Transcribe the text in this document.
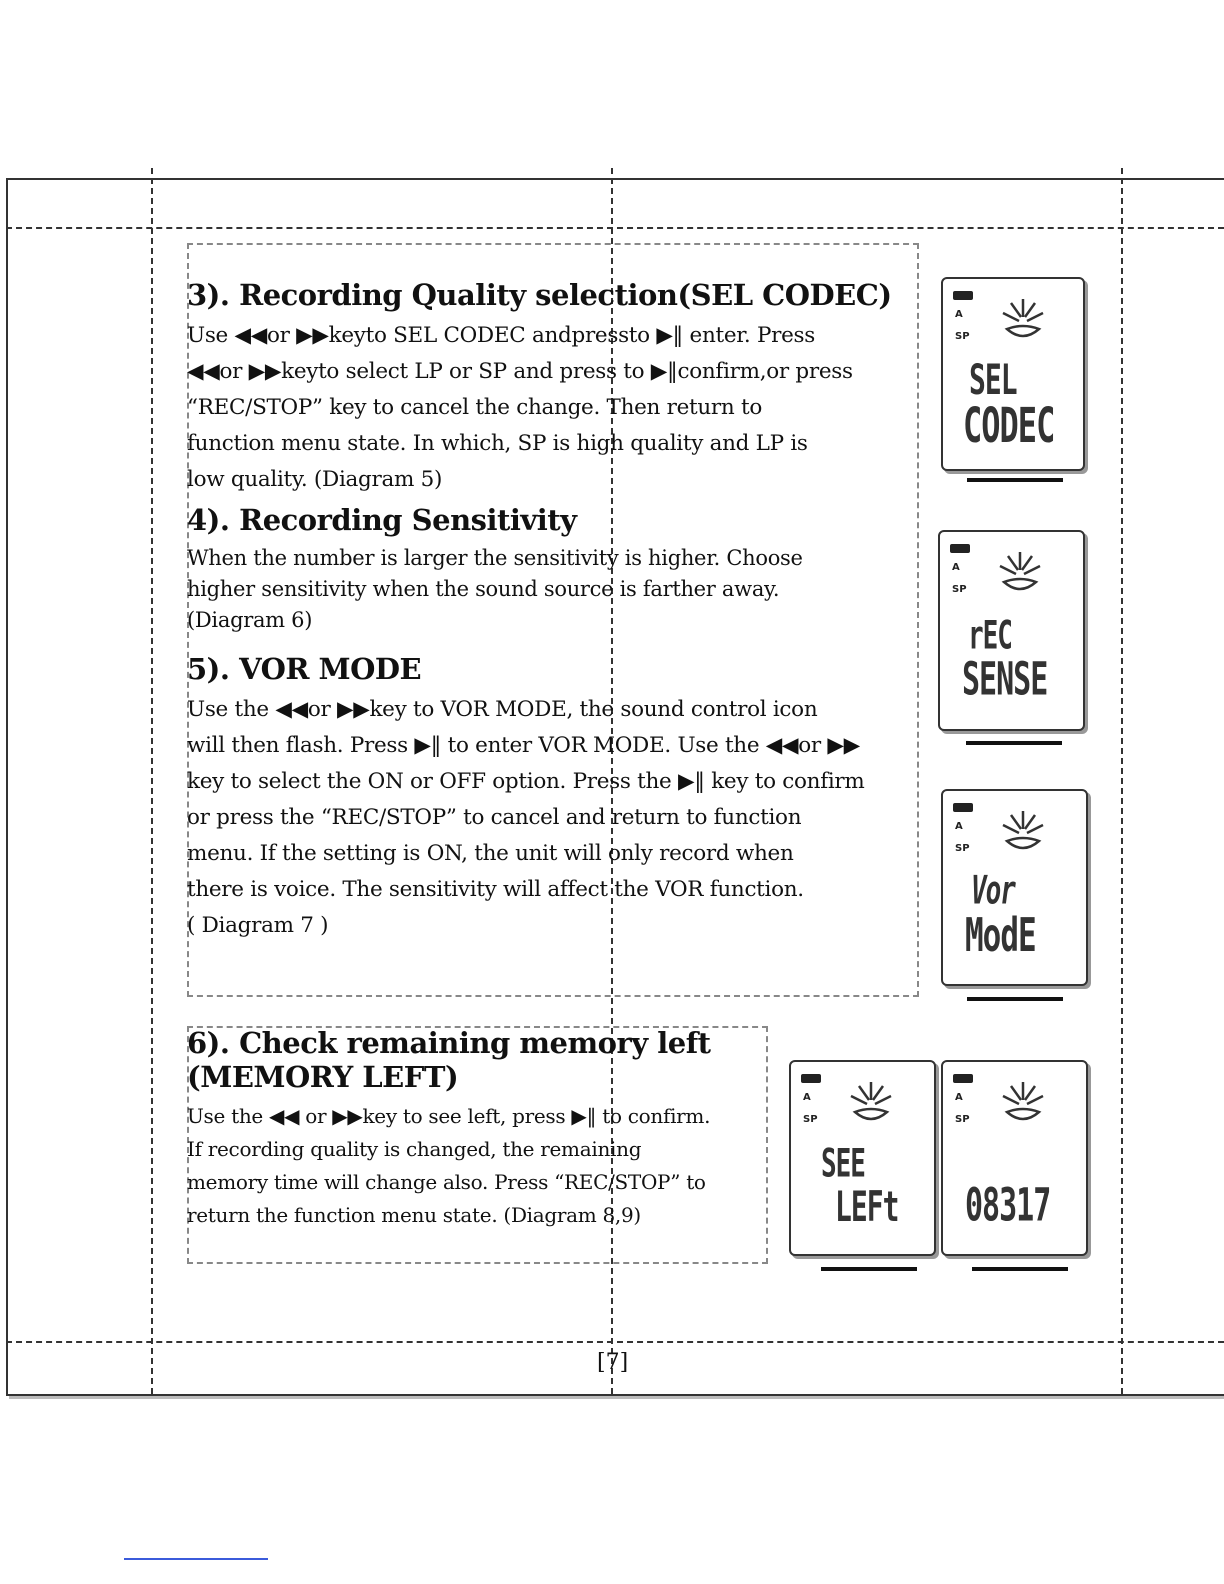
3). Recording Quality selection(SEL CODEC)
Use ◀◀or ▶▶keyto SEL CODEC andpressto ▶‖ enter. Press
◀◀or ▶▶keyto select LP or SP and press to ▶‖confirm,or press
“REC/STOP” key to cancel the change. Then return to
function menu state. In which, SP is high quality and LP is
low quality. (Diagram 5)
4). Recording Sensitivity
When the number is larger the sensitivity is higher. Choose
higher sensitivity when the sound source is farther away.
(Diagram 6)
5). VOR MODE
Use the ◀◀or ▶▶key to VOR MODE, the sound control icon
will then flash. Press ▶‖ to enter VOR MODE. Use the ◀◀or ▶▶
key to select the ON or OFF option. Press the ▶‖ key to confirm
or press the “REC/STOP” to cancel and return to function
menu. If the setting is ON, the unit will only record when
there is voice. The sensitivity will affect the VOR function.
( Diagram 7 )
6). Check remaining memory left
(MEMORY LEFT)
Use the ◀◀ or ▶▶key to see left, press ▶‖ to confirm.
If recording quality is changed, the remaining
memory time will change also. Press “REC/STOP” to
return the function menu state. (Diagram 8,9)
A
SP
SEL
CODEC
A
SP
rEC
SENSE
A
SP
Vor
ModE
A
SP
SEE
LEFt
A
SP
08317
[7]
